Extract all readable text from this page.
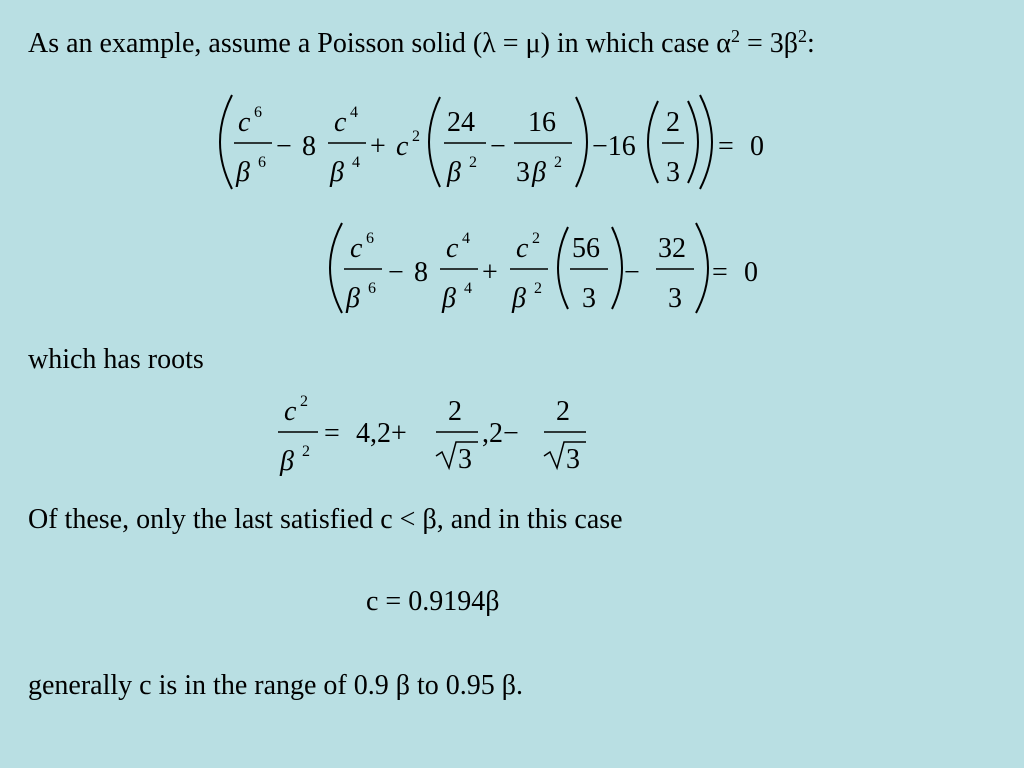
As an example, assume a Poisson solid (λ = μ) in which case $\alpha^2 = 3\beta^2$:
c 6
β 6
− 8
c 4
β 4
+ c 2 24
β 2
−
16
3 β 2
−16
2
3
= 0
c 6
β 6
− 8
c 4
β 4
+
c 2
β 2
56
3
−
32
3
= 0
which has roots
c 2
β 2
= 4,2+
2
3
,2−
2
3
Of these, only the last satisfied c < β, and in this case
c = 0.9194β
generally c is in the range of 0.9 β to 0.95 β.
